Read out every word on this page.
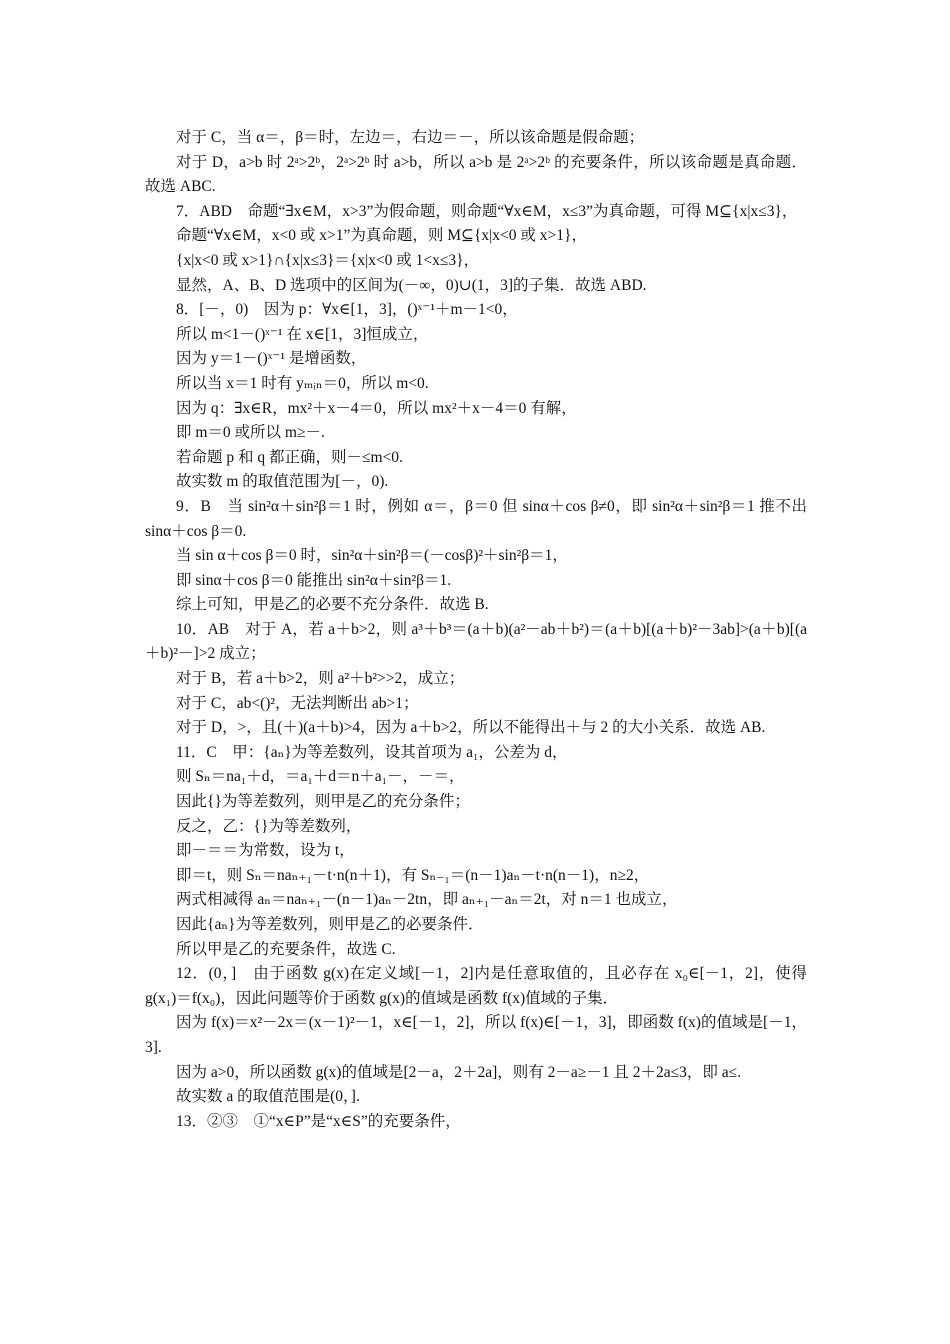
对于 C，当 α＝，β＝时，左边＝，右边＝－，所以该命题是假命题；

对于 D，a>b 时 2ᵃ>2ᵇ，2ᵃ>2ᵇ 时 a>b，所以 a>b 是 2ᵃ>2ᵇ 的充要条件，所以该命题是真命题．故选 ABC.

7．ABD　命题“∃x∈M，x>3”为假命题，则命题“∀x∈M，x≤3”为真命题，可得 M⊆{x|x≤3}，

命题“∀x∈M，x<0 或 x>1”为真命题，则 M⊆{x|x<0 或 x>1}，

{x|x<0 或 x>1}∩{x|x≤3}＝{x|x<0 或 1<x≤3}，

显然，A、B、D 选项中的区间为(－∞，0)∪(1，3]的子集．故选 ABD.

8．[－，0)　因为 p：∀x∈[1，3]，()ˣ⁻¹＋m－1<0，

所以 m<1－()ˣ⁻¹ 在 x∈[1，3]恒成立，

因为 y＝1－()ˣ⁻¹ 是增函数，

所以当 x＝1 时有 yₘᵢₙ＝0，所以 m<0.

因为 q：∃x∈R，mx²＋x－4＝0，所以 mx²＋x－4＝0 有解，

即 m＝0 或所以 m≥－.

若命题 p 和 q 都正确，则－≤m<0.

故实数 m 的取值范围为[－，0).

9．B　当 sin²α＋sin²β＝1 时，例如 α＝，β＝0 但 sinα＋cos β≠0，即 sin²α＋sin²β＝1 推不出 sinα＋cos β＝0.

当 sin α＋cos β＝0 时，sin²α＋sin²β＝(－cosβ)²＋sin²β＝1，

即 sinα＋cos β＝0 能推出 sin²α＋sin²β＝1.

综上可知，甲是乙的必要不充分条件．故选 B.

10．AB　对于 A，若 a＋b>2，则 a³＋b³＝(a＋b)(a²－ab＋b²)＝(a＋b)[(a＋b)²－3ab]>(a＋b)[(a＋b)²－]>2 成立；

对于 B，若 a＋b>2，则 a²＋b²>>2，成立；

对于 C，ab<()²，无法判断出 ab>1；

对于 D，>，且(＋)(a＋b)>4，因为 a＋b>2，所以不能得出＋与 2 的大小关系．故选 AB.

11．C　甲：{aₙ}为等差数列，设其首项为 a₁，公差为 d，

则 Sₙ＝na₁＋d，＝a₁＋d＝n＋a₁－，－＝，

因此{}为等差数列，则甲是乙的充分条件；

反之，乙：{}为等差数列，

即－＝＝为常数，设为 t，

即＝t，则 Sₙ＝naₙ₊₁－t·n(n＋1)，有 Sₙ₋₁＝(n－1)aₙ－t·n(n－1)，n≥2，

两式相减得 aₙ＝naₙ₊₁－(n－1)aₙ－2tn，即 aₙ₊₁－aₙ＝2t，对 n＝1 也成立，

因此{aₙ}为等差数列，则甲是乙的必要条件．

所以甲是乙的充要条件，故选 C.

12．(0，]　由于函数 g(x)在定义域[－1，2]内是任意取值的，且必存在 x₀∈[－1，2]，使得 g(x₁)＝f(x₀)，因此问题等价于函数 g(x)的值域是函数 f(x)值域的子集．

因为 f(x)＝x²－2x＝(x－1)²－1，x∈[－1，2]，所以 f(x)∈[－1，3]，即函数 f(x)的值域是[－1，3].

因为 a>0，所以函数 g(x)的值域是[2－a，2＋2a]，则有 2－a≥－1 且 2＋2a≤3，即 a≤.

故实数 a 的取值范围是(0，].

13．②③　①“x∈P”是“x∈S”的充要条件，
